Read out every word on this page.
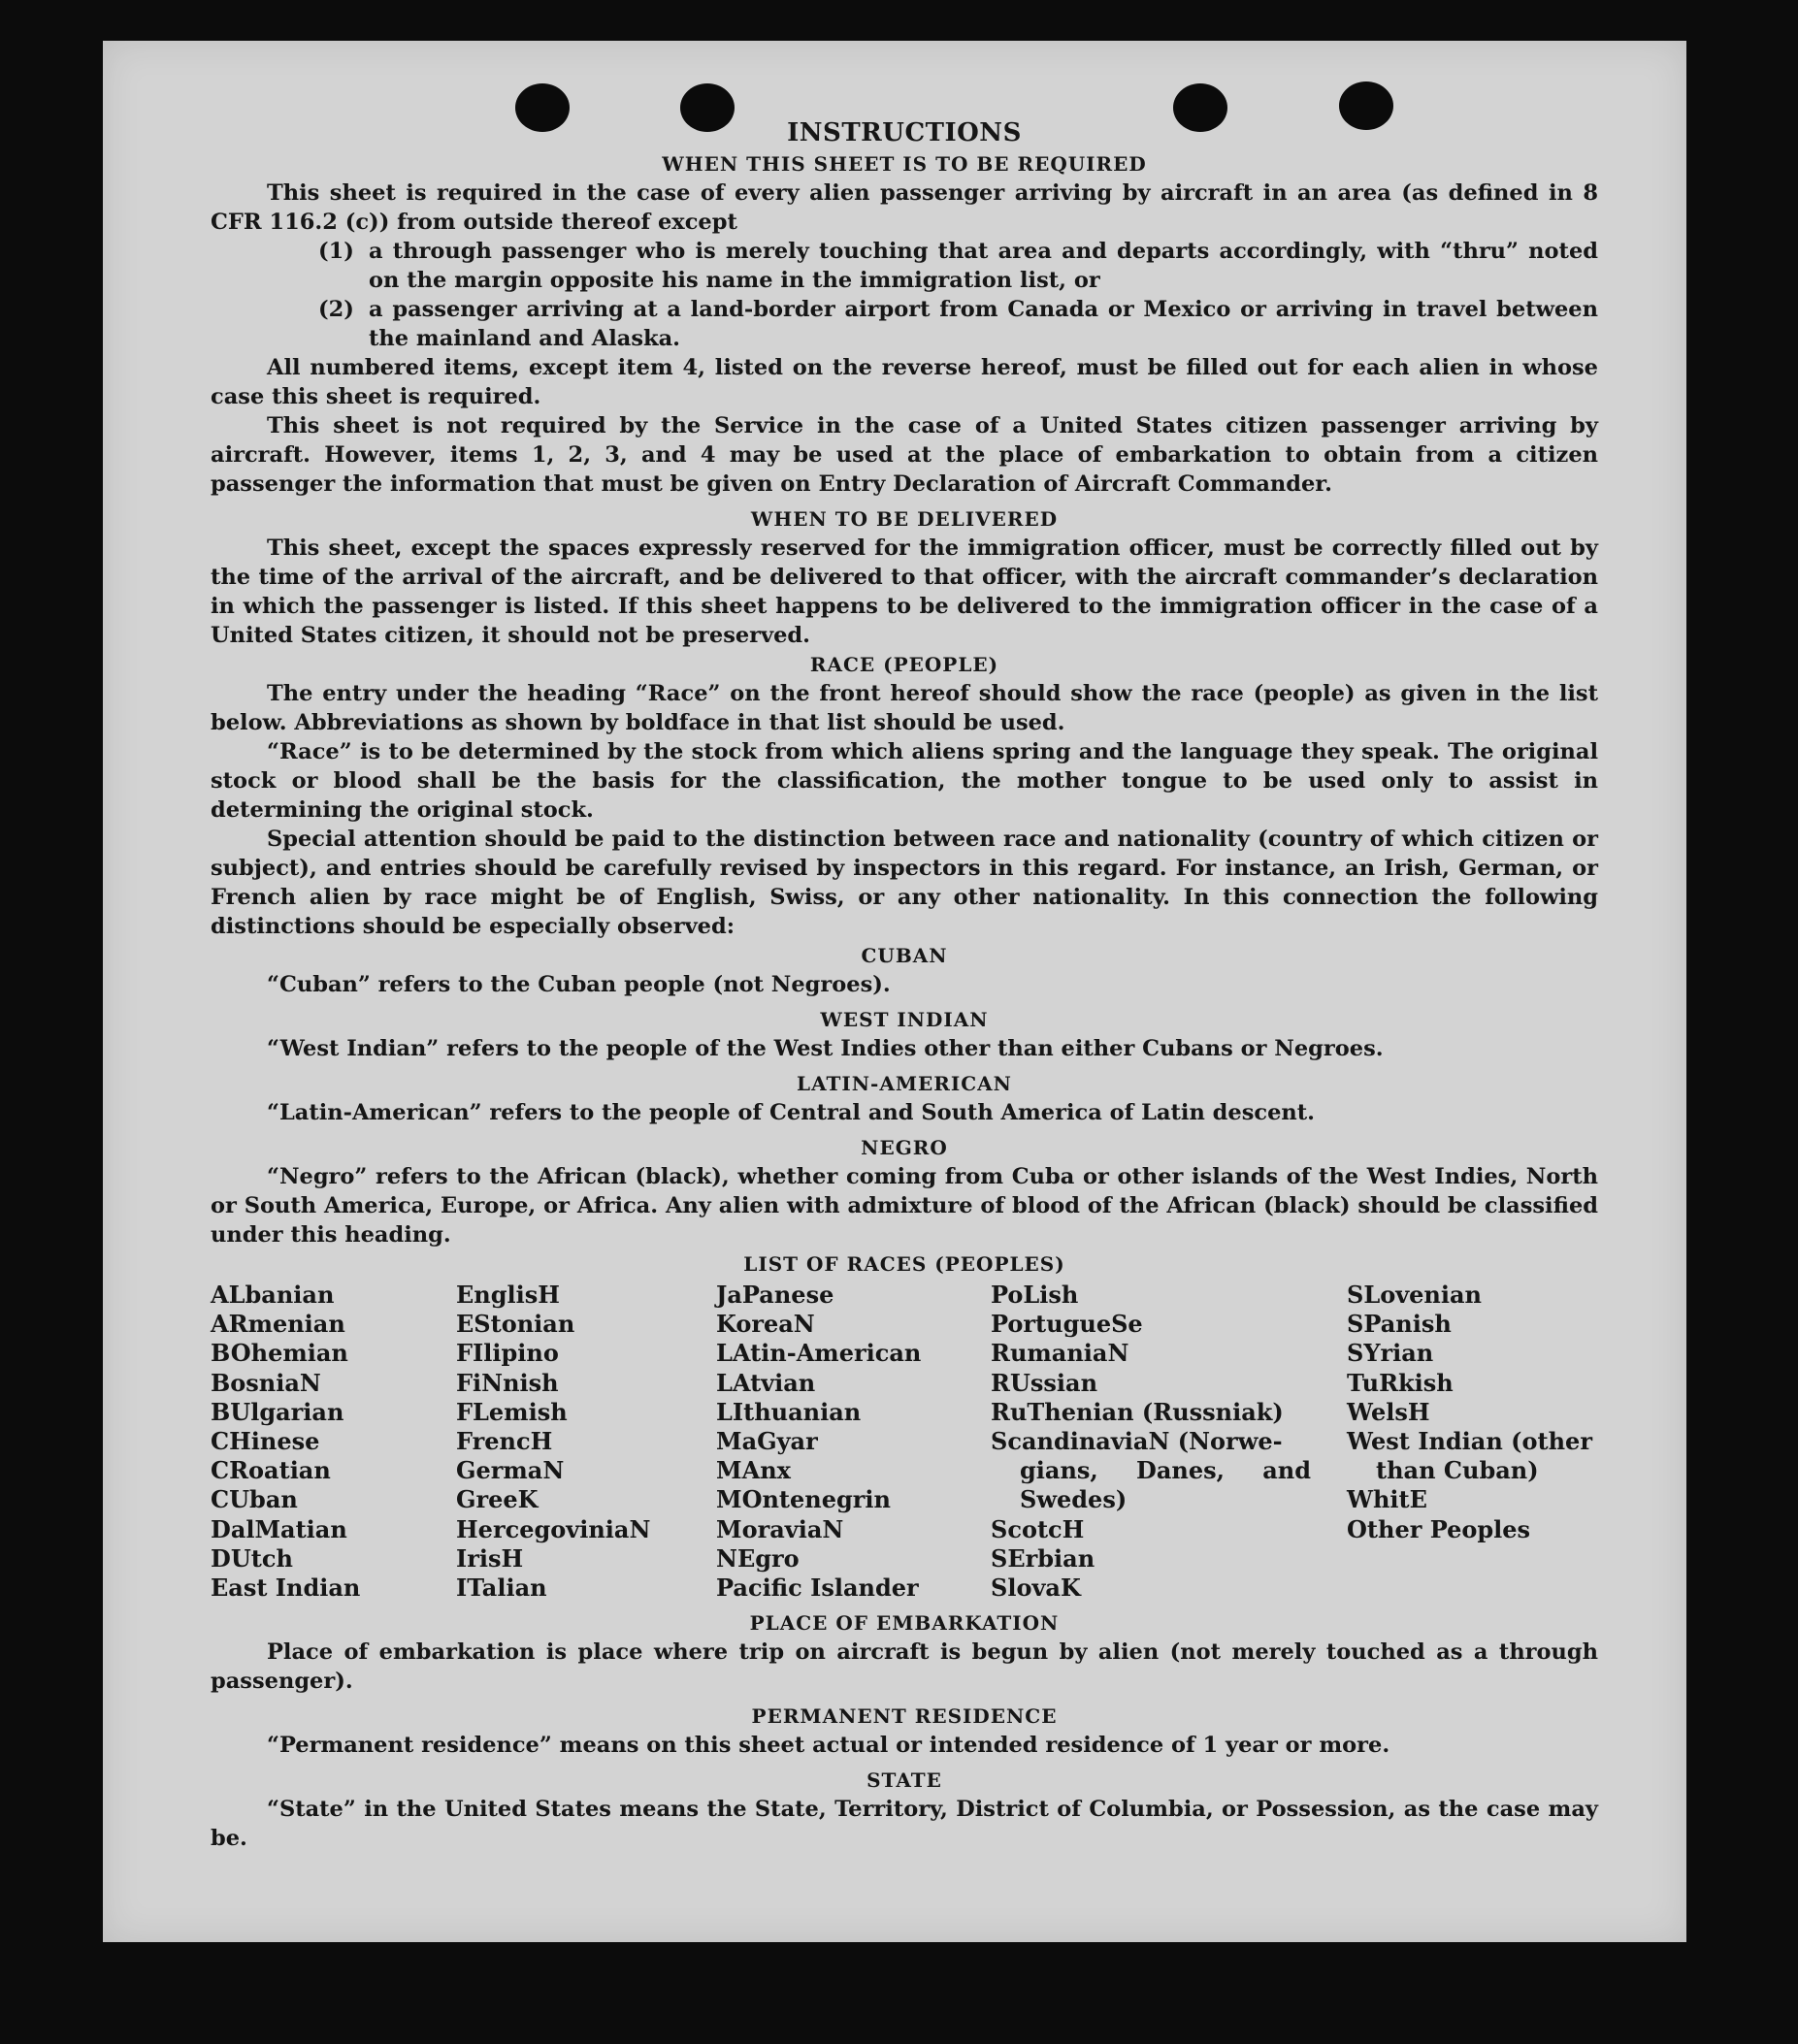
INSTRUCTIONS
WHEN THIS SHEET IS TO BE REQUIRED

This sheet is required in the case of every alien passenger arriving by aircraft in an area (as defined in 8 CFR 116.2 (c)) from outside thereof except

(1) a through passenger who is merely touching that area and departs accordingly, with “thru” noted on the margin opposite his name in the immigration list, or
(2) a passenger arriving at a land-border airport from Canada or Mexico or arriving in travel between the mainland and Alaska.

All numbered items, except item 4, listed on the reverse hereof, must be filled out for each alien in whose case this sheet is required.

This sheet is not required by the Service in the case of a United States citizen passenger arriving by aircraft. However, items 1, 2, 3, and 4 may be used at the place of embarkation to obtain from a citizen passenger the information that must be given on Entry Declaration of Aircraft Commander.

WHEN TO BE DELIVERED

This sheet, except the spaces expressly reserved for the immigration officer, must be correctly filled out by the time of the arrival of the aircraft, and be delivered to that officer, with the aircraft commander’s declaration in which the passenger is listed. If this sheet happens to be delivered to the immigration officer in the case of a United States citizen, it should not be preserved.

RACE (PEOPLE)

The entry under the heading “Race” on the front hereof should show the race (people) as given in the list below. Abbreviations as shown by boldface in that list should be used.

“Race” is to be determined by the stock from which aliens spring and the language they speak. The original stock or blood shall be the basis for the classification, the mother tongue to be used only to assist in determining the original stock.

Special attention should be paid to the distinction between race and nationality (country of which citizen or subject), and entries should be carefully revised by inspectors in this regard. For instance, an Irish, German, or French alien by race might be of English, Swiss, or any other nationality. In this connection the following distinctions should be especially observed:

CUBAN

“Cuban” refers to the Cuban people (not Negroes).

WEST INDIAN

“West Indian” refers to the people of the West Indies other than either Cubans or Negroes.

LATIN-AMERICAN

“Latin-American” refers to the people of Central and South America of Latin descent.

NEGRO

“Negro” refers to the African (black), whether coming from Cuba or other islands of the West Indies, North or South America, Europe, or Africa. Any alien with admixture of blood of the African (black) should be classified under this heading.

LIST OF RACES (PEOPLES)
ALbanian
ARmenian
BOhemian
BosniaN
BUlgarian
CHinese
CRoatian
CUban
DalMatian
DUtch
East Indian
EnglisH
EStonian
FIlipino
FiNnish
FLemish
FrencH
GermaN
GreeK
HercegoviniaN
IrisH
ITalian
JaPanese
KoreaN
LAtin-American
LAtvian
LIthuanian
MaGyar
MAnx
MOntenegrin
MoraviaN
NEgro
Pacific Islander
PoLish
PortugueSe
RumaniaN
RUssian
RuThenian (Russniak)
ScandinaviaN (Norwe-
gians, Danes, and Swedes)
ScotcH
SErbian
SlovaK
SLovenian
SPanish
SYrian
TuRkish
WelsH
West Indian (other
than Cuban)
WhitE
Other Peoples
PLACE OF EMBARKATION

Place of embarkation is place where trip on aircraft is begun by alien (not merely touched as a through passenger).

PERMANENT RESIDENCE

“Permanent residence” means on this sheet actual or intended residence of 1 year or more.

STATE

“State” in the United States means the State, Territory, District of Columbia, or Possession, as the case may be.
